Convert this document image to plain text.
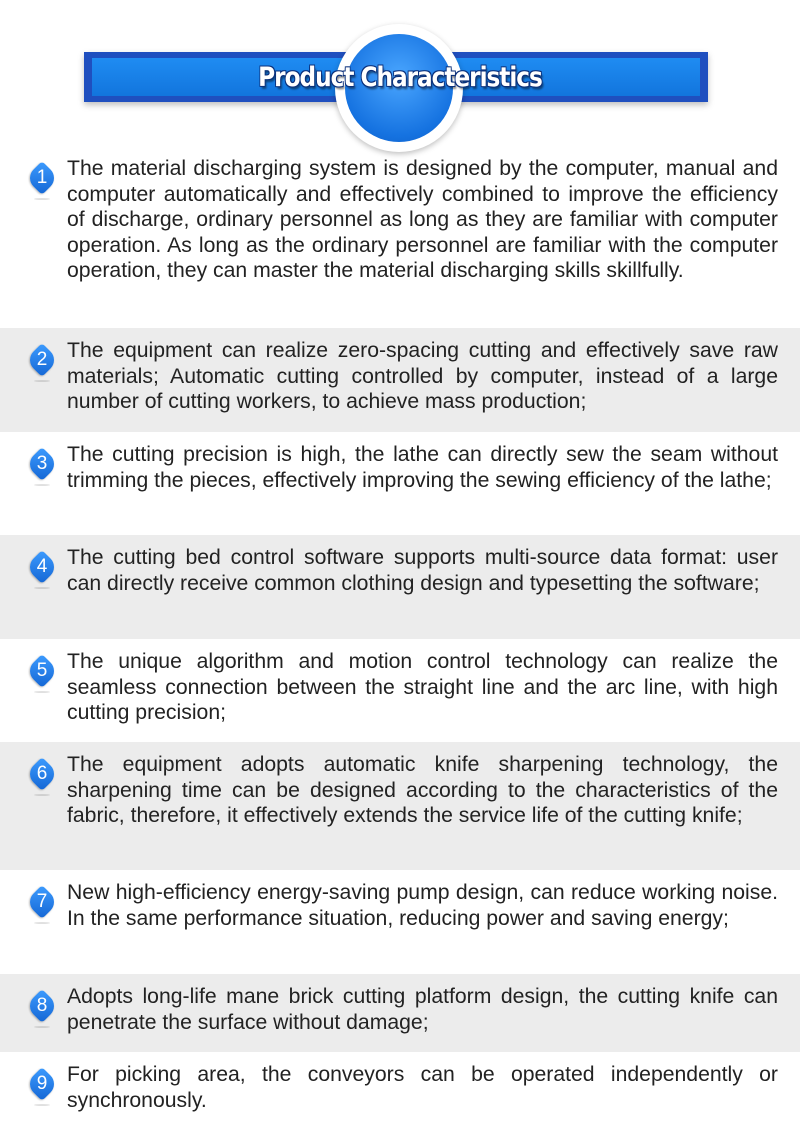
Product Characteristics
1 The material discharging system is designed by the computer, manual and computer automatically and effectively combined to improve the efficiency of discharge, ordinary personnel as long as they are familiar with computer operation. As long as the ordinary personnel are familiar with the computer operation, they can master the material discharging skills skillfully.

2 The equipment can realize zero-spacing cutting and effectively save raw materials; Automatic cutting controlled by computer, instead of a large number of cutting workers, to achieve mass production;

3 The cutting precision is high, the lathe can directly sew the seam without trimming the pieces, effectively improving the sewing efficiency of the lathe;

4 The cutting bed control software supports multi-source data format: user can directly receive common clothing design and typesetting the software;

5 The unique algorithm and motion control technology can realize the seamless connection between the straight line and the arc line, with high cutting precision;

6 The equipment adopts automatic knife sharpening technology, the sharpening time can be designed according to the characteristics of the fabric, therefore, it effectively extends the service life of the cutting knife;

7 New high-efficiency energy-saving pump design, can reduce working noise. In the same performance situation, reducing power and saving energy;

8 Adopts long-life mane brick cutting platform design, the cutting knife can penetrate the surface without damage;

9 For picking area, the conveyors can be operated independently or synchronously.
